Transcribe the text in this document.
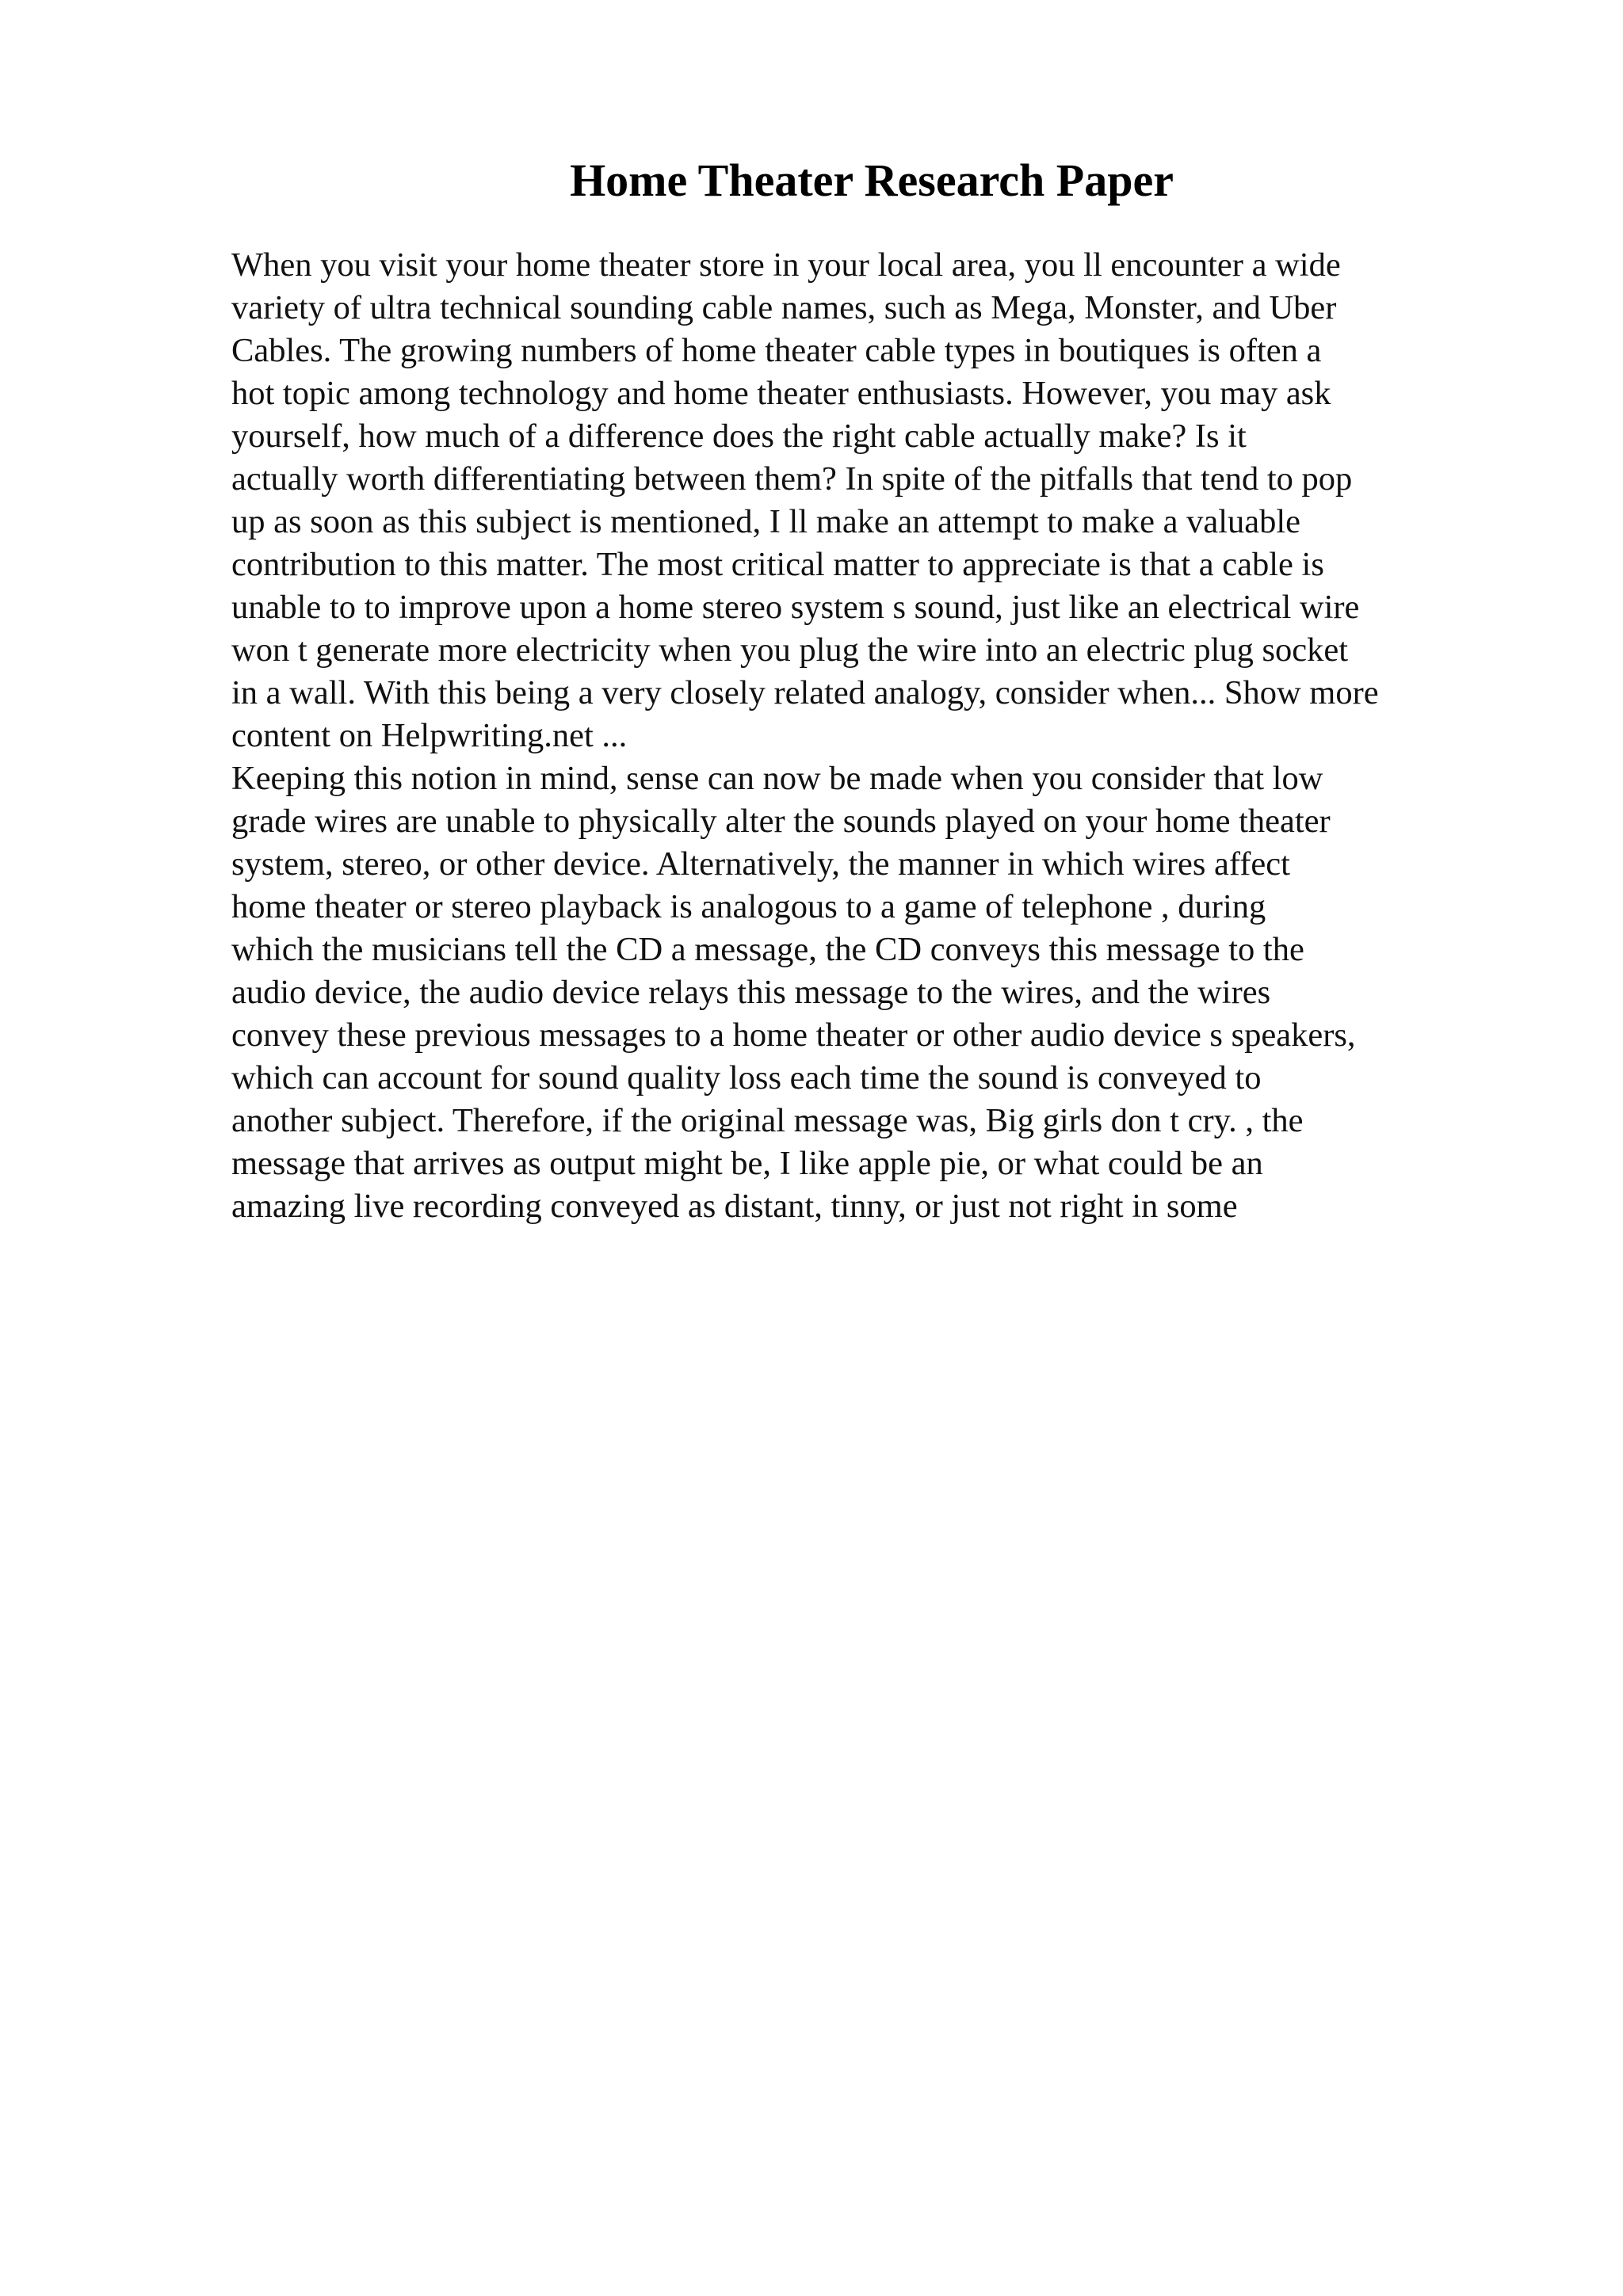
Home Theater Research Paper
When you visit your home theater store in your local area, you ll encounter a wide
variety of ultra technical sounding cable names, such as Mega, Monster, and Uber
Cables. The growing numbers of home theater cable types in boutiques is often a
hot topic among technology and home theater enthusiasts. However, you may ask
yourself, how much of a difference does the right cable actually make? Is it
actually worth differentiating between them? In spite of the pitfalls that tend to pop
up as soon as this subject is mentioned, I ll make an attempt to make a valuable
contribution to this matter. The most critical matter to appreciate is that a cable is
unable to to improve upon a home stereo system s sound, just like an electrical wire
won t generate more electricity when you plug the wire into an electric plug socket
in a wall. With this being a very closely related analogy, consider when... Show more
content on Helpwriting.net ...
Keeping this notion in mind, sense can now be made when you consider that low
grade wires are unable to physically alter the sounds played on your home theater
system, stereo, or other device. Alternatively, the manner in which wires affect
home theater or stereo playback is analogous to a game of telephone , during
which the musicians tell the CD a message, the CD conveys this message to the
audio device, the audio device relays this message to the wires, and the wires
convey these previous messages to a home theater or other audio device s speakers,
which can account for sound quality loss each time the sound is conveyed to
another subject. Therefore, if the original message was, Big girls don t cry. , the
message that arrives as output might be, I like apple pie, or what could be an
amazing live recording conveyed as distant, tinny, or just not right in some
